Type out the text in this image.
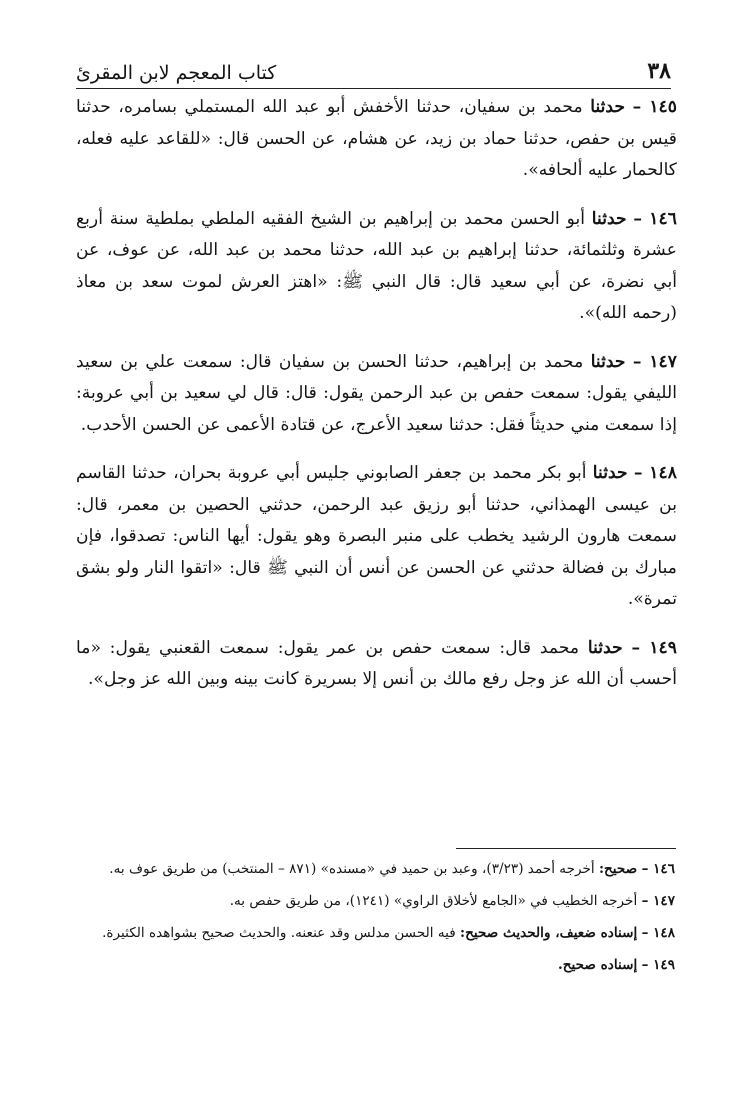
٣٨
كتاب المعجم لابن المقرئ

١٤٥ – حدثنا محمد بن سفيان، حدثنا الأخفش أبو عبد الله المستملي بسامره، حدثنا قيس بن حفص، حدثنا حماد بن زيد، عن هشام، عن الحسن قال: «للقاعد عليه فعله، كالحمار عليه ألحافه».

١٤٦ – حدثنا أبو الحسن محمد بن إبراهيم بن الشيخ الفقيه الملطي بملطية سنة أربع عشرة وثلثمائة، حدثنا إبراهيم بن عبد الله، حدثنا محمد بن عبد الله، عن عوف، عن أبي نضرة، عن أبي سعيد قال: قال النبي ﷺ: «اهتز العرش لموت سعد بن معاذ (رحمه الله)».

١٤٧ – حدثنا محمد بن إبراهيم، حدثنا الحسن بن سفيان قال: سمعت علي بن سعيد الليفي يقول: سمعت حفص بن عبد الرحمن يقول: قال: قال لي سعيد بن أبي عروبة: إذا سمعت مني حديثاً فقل: حدثنا سعيد الأعرج، عن قتادة الأعمى عن الحسن الأحدب.

١٤٨ – حدثنا أبو بكر محمد بن جعفر الصابوني جليس أبي عروبة بحران، حدثنا القاسم بن عيسى الهمذاني، حدثنا أبو رزيق عبد الرحمن، حدثني الحصين بن معمر، قال: سمعت هارون الرشيد يخطب على منبر البصرة وهو يقول: أيها الناس: تصدقوا، فإن مبارك بن فضالة حدثني عن الحسن عن أنس أن النبي ﷺ قال: «اتقوا النار ولو بشق تمرة».

١٤٩ – حدثنا محمد قال: سمعت حفص بن عمر يقول: سمعت القعنبي يقول: «ما أحسب أن الله عز وجل رفع مالك بن أنس إلا بسريرة كانت بينه وبين الله عز وجل».

١٤٦ – صحيح: أخرجه أحمد (٣/٢٣)، وعبد بن حميد في «مسنده» (٨٧١ – المنتخب) من طريق عوف به.

١٤٧ – أخرجه الخطيب في «الجامع لأخلاق الراوي» (١٢٤١)، من طريق حفص به.

١٤٨ – إسناده ضعيف، والحديث صحيح: فيه الحسن مدلس وقد عنعنه. والحديث صحيح بشواهده الكثيرة.

١٤٩ – إسناده صحيح.
